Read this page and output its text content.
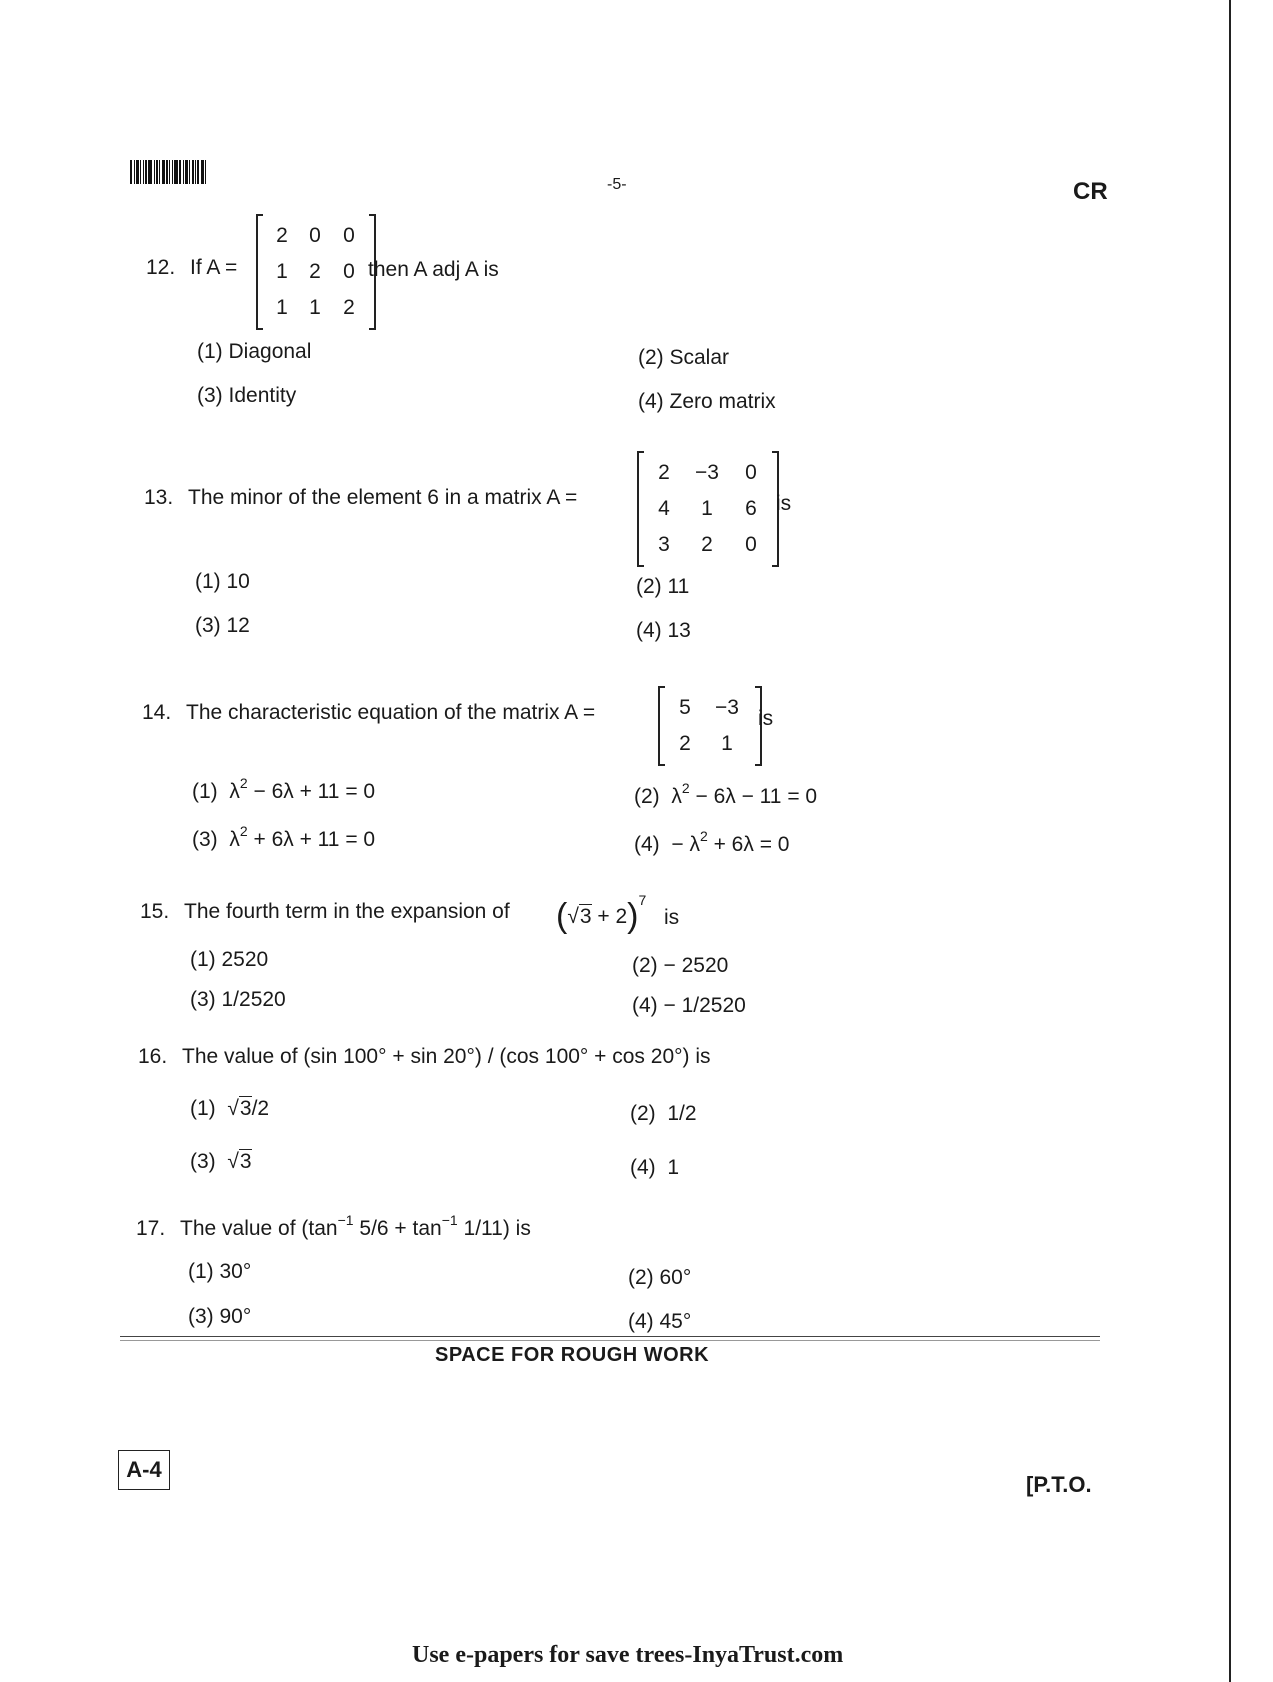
-5-	CR
12. If A =
2	0	0
1	2	0
1	1	2
then A adj A is
(1) Diagonal	(2) Scalar
(3) Identity	(4) Zero matrix
13. The minor of the element 6 in a matrix A =
2	−3	0
4	1	6
3	2	0
is
(1) 10	(2) 11
(3) 12	(4) 13
14. The characteristic equation of the matrix A =	5	−3
2	1
is
(1) $\lambda^2 - 6\lambda + 11 = 0$	(2) $\lambda^2 - 6\lambda - 11 = 0$
(3) $\lambda^2 + 6\lambda + 11 = 0$	$(4) - \lambda^2 + 6\lambda = 0$
15. The fourth term in the expansion of $(√3 + 2)^7$
is
(1) 2520	(2) − 2520
(3) 1/2520	(4) − 1/2520
16. The value of (sin 100° + sin 20°) / (cos 100° + cos 20°) is
(1) √3/2	(2) 1/2
(3) √3	(4) 1
17. The value of ($\tan^{-1}$ $5/6 + \tan^{-1} 1/11$) is
(1) 30°	(2) 60°
(3) 90°	(4) 45°
SPACE FOR ROUGH WORK
A-4
[P.T.O.
Use e-papers for save trees-InyaTrust.com
